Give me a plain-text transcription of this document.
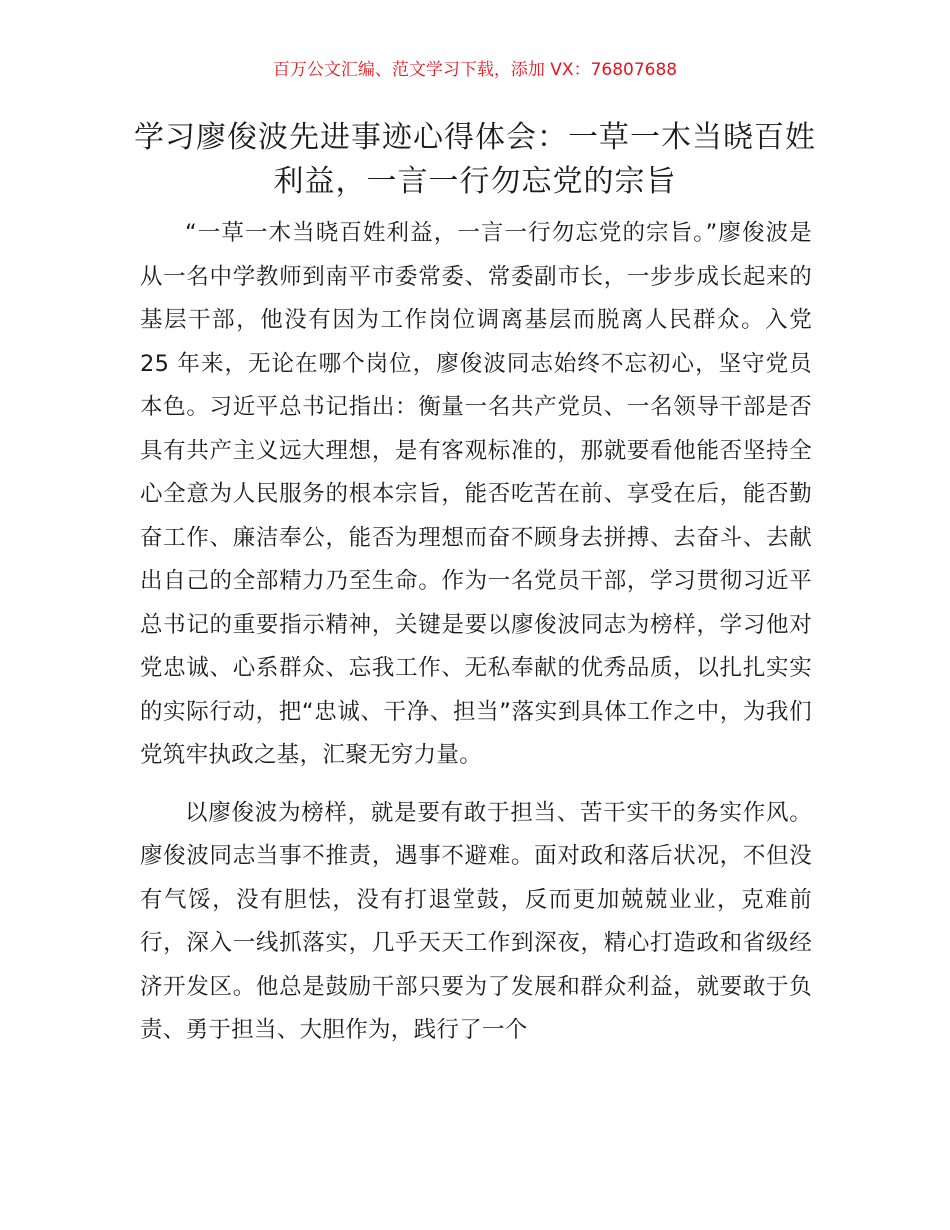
百万公文汇编、范文学习下载，添加 VX：76807688
学习廖俊波先进事迹心得体会：一草一木当晓百姓利益，一言一行勿忘党的宗旨

“一草一木当晓百姓利益，一言一行勿忘党的宗旨。”廖俊波是从一名中学教师到南平市委常委、常委副市长，一步步成长起来的基层干部，他没有因为工作岗位调离基层而脱离人民群众。入党 25 年来，无论在哪个岗位，廖俊波同志始终不忘初心，坚守党员本色。习近平总书记指出：衡量一名共产党员、一名领导干部是否具有共产主义远大理想，是有客观标准的，那就要看他能否坚持全心全意为人民服务的根本宗旨，能否吃苦在前、享受在后，能否勤奋工作、廉洁奉公，能否为理想而奋不顾身去拼搏、去奋斗、去献出自己的全部精力乃至生命。作为一名党员干部，学习贯彻习近平总书记的重要指示精神，关键是要以廖俊波同志为榜样，学习他对党忠诚、心系群众、忘我工作、无私奉献的优秀品质，以扎扎实实的实际行动，把“忠诚、干净、担当”落实到具体工作之中，为我们党筑牢执政之基，汇聚无穷力量。

以廖俊波为榜样，就是要有敢于担当、苦干实干的务实作风。廖俊波同志当事不推责，遇事不避难。面对政和落后状况，不但没有气馁，没有胆怯，没有打退堂鼓，反而更加兢兢业业，克难前行，深入一线抓落实，几乎天天工作到深夜，精心打造政和省级经济开发区。他总是鼓励干部只要为了发展和群众利益，就要敢于负责、勇于担当、大胆作为，践行了一个
